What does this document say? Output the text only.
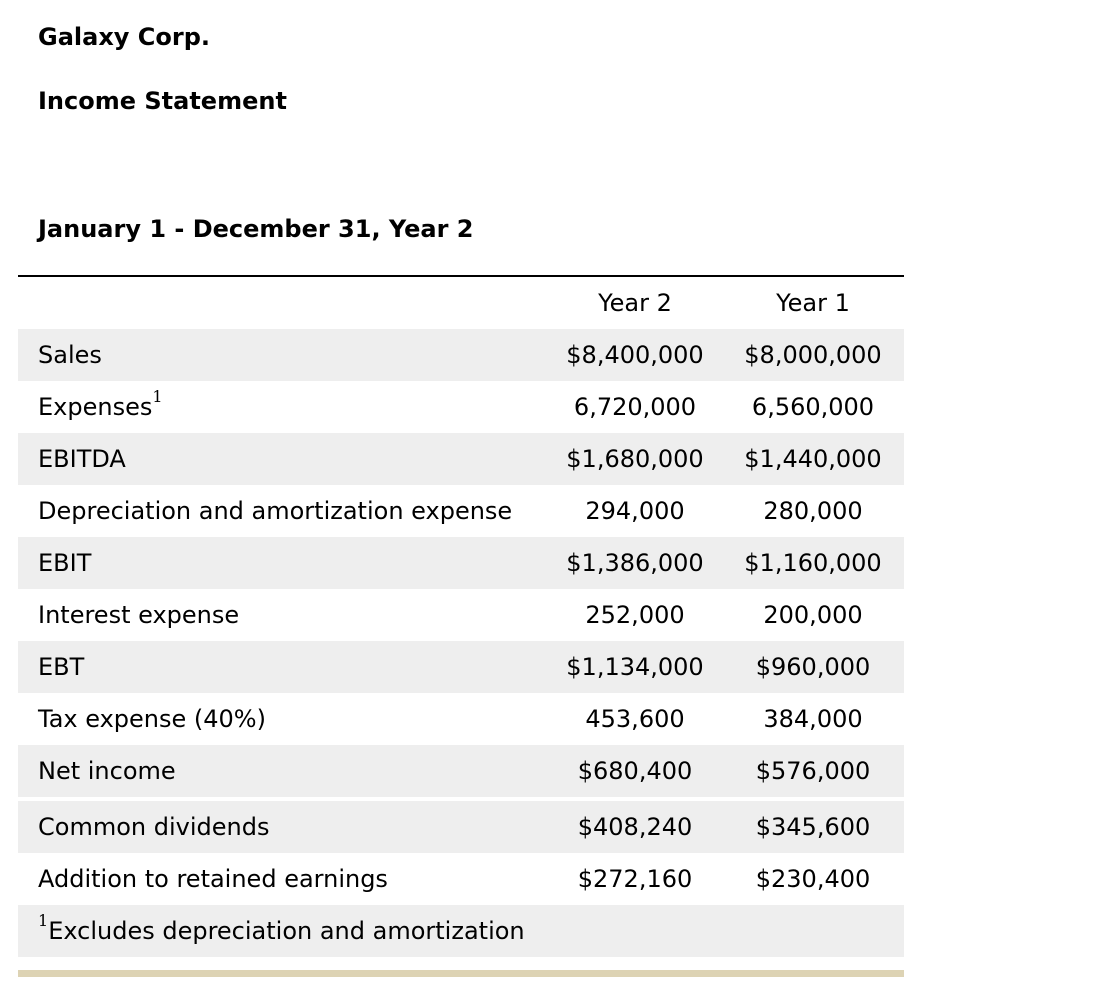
Galaxy Corp.
Income Statement
January 1 - December 31, Year 2
	Year 2	Year 1
Sales	$8,400,000	$8,000,000
Expenses$^1$	6,720,000	6,560,000
EBITDA	$1,680,000	$1,440,000
Depreciation and amortization expense	294,000	280,000
EBIT	$1,386,000	$1,160,000
Interest expense	252,000	200,000
EBT	$1,134,000	$960,000
Tax expense (40%)	453,600	384,000
Net income	$680,400	$576,000

Common dividends	$408,240	$345,600
Addition to retained earnings	$272,160	$230,400
$^1$Excludes depreciation and amortization		
